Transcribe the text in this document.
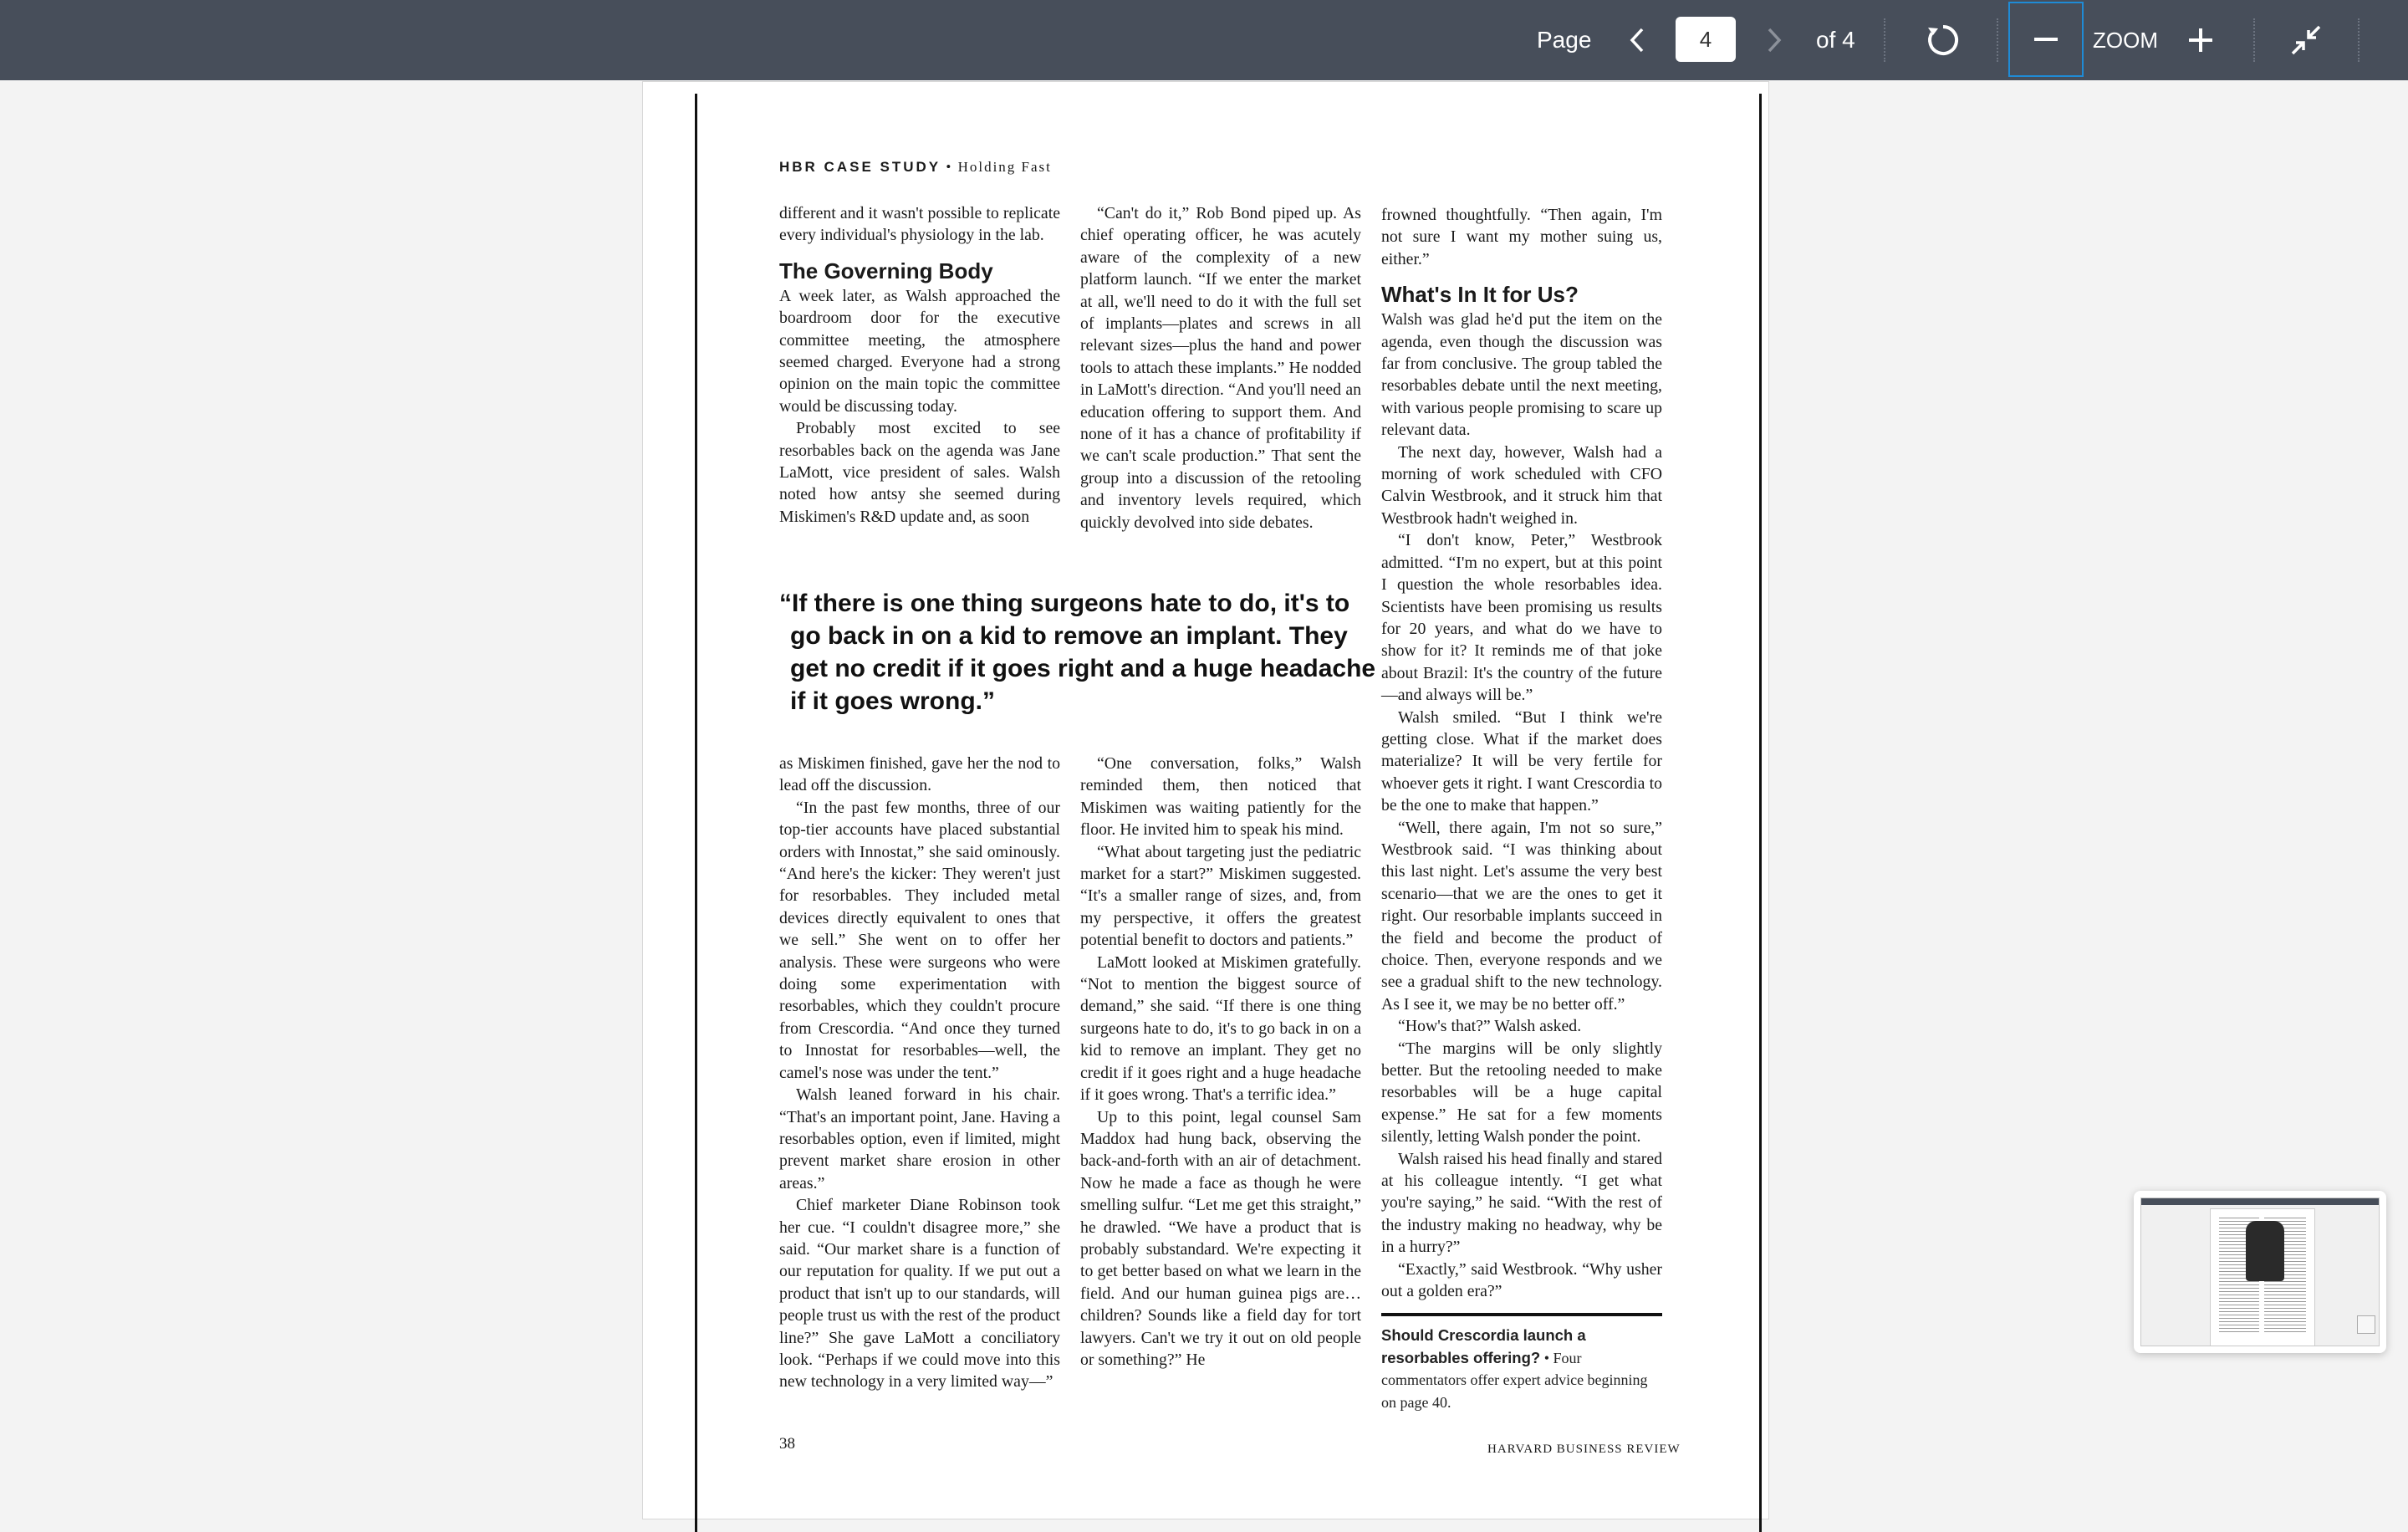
Page
4	of 4	ZOOM
HBR CASE STUDY • Holding Fast

different and it wasn't possible to replicate every individual's physiology in the lab.

The Governing Body

A week later, as Walsh approached the boardroom door for the executive committee meeting, the atmosphere seemed charged. Everyone had a strong opinion on the main topic the committee would be discussing today.

Probably most excited to see resorbables back on the agenda was Jane LaMott, vice president of sales. Walsh noted how antsy she seemed during Miskimen's R&D update and, as soon

“Can't do it,” Rob Bond piped up. As chief operating officer, he was acutely aware of the complexity of a new platform launch. “If we enter the market at all, we'll need to do it with the full set of implants—plates and screws in all relevant sizes—plus the hand and power tools to attach these implants.” He nodded in LaMott's direction. “And you'll need an education offering to support them. And none of it has a chance of profitability if we can't scale production.” That sent the group into a discussion of the retooling and inventory levels required, which quickly devolved into side debates.

frowned thoughtfully. “Then again, I'm not sure I want my mother suing us, either.”

What's In It for Us?

Walsh was glad he'd put the item on the agenda, even though the discussion was far from conclusive. The group tabled the resorbables debate until the next meeting, with various people promising to scare up relevant data.

The next day, however, Walsh had a morning of work scheduled with CFO Calvin Westbrook, and it struck him that Westbrook hadn't weighed in.

“I don't know, Peter,” Westbrook admitted. “I'm no expert, but at this point I question the whole resorbables idea. Scientists have been promising us results for 20 years, and what do we have to show for it? It reminds me of that joke about Brazil: It's the country of the future—and always will be.”

Walsh smiled. “But I think we're getting close. What if the market does materialize? It will be very fertile for whoever gets it right. I want Crescordia to be the one to make that happen.”

“Well, there again, I'm not so sure,” Westbrook said. “I was thinking about this last night. Let's assume the very best scenario—that we are the ones to get it right. Our resorbable implants succeed in the field and become the product of choice. Then, everyone responds and we see a gradual shift to the new technology. As I see it, we may be no better off.”

“How's that?” Walsh asked.

“The margins will be only slightly better. But the retooling needed to make resorbables will be a huge capital expense.” He sat for a few moments silently, letting Walsh ponder the point.

Walsh raised his head finally and stared at his colleague intently. “I get what you're saying,” he said. “With the rest of the industry making no headway, why be in a hurry?”

“Exactly,” said Westbrook. “Why usher out a golden era?”

“If there is one thing surgeons hate to do, it's to
go back in on a kid to remove an implant. They
get no credit if it goes right and a huge headache
if it goes wrong.”

as Miskimen finished, gave her the nod to lead off the discussion.

“In the past few months, three of our top-tier accounts have placed substantial orders with Innostat,” she said ominously. “And here's the kicker: They weren't just for resorbables. They included metal devices directly equivalent to ones that we sell.” She went on to offer her analysis. These were surgeons who were doing some experimentation with resorbables, which they couldn't procure from Crescordia. “And once they turned to Innostat for resorbables—well, the camel's nose was under the tent.”

Walsh leaned forward in his chair. “That's an important point, Jane. Having a resorbables option, even if limited, might prevent market share erosion in other areas.”

Chief marketer Diane Robinson took her cue. “I couldn't disagree more,” she said. “Our market share is a function of our reputation for quality. If we put out a product that isn't up to our standards, will people trust us with the rest of the product line?” She gave LaMott a conciliatory look. “Perhaps if we could move into this new technology in a very limited way—”

“One conversation, folks,” Walsh reminded them, then noticed that Miskimen was waiting patiently for the floor. He invited him to speak his mind.

“What about targeting just the pediatric market for a start?” Miskimen suggested. “It's a smaller range of sizes, and, from my perspective, it offers the greatest potential benefit to doctors and patients.”

LaMott looked at Miskimen gratefully. “Not to mention the biggest source of demand,” she said. “If there is one thing surgeons hate to do, it's to go back in on a kid to remove an implant. They get no credit if it goes right and a huge headache if it goes wrong. That's a terrific idea.”

Up to this point, legal counsel Sam Maddox had hung back, observing the back-and-forth with an air of detachment. Now he made a face as though he were smelling sulfur. “Let me get this straight,” he drawled. “We have a product that is probably substandard. We're expecting it to get better based on what we learn in the field. And our human guinea pigs are…children? Sounds like a field day for tort lawyers. Can't we try it out on old people or something?” He

Should Crescordia launch a resorbables offering? • Four commentators offer expert advice beginning on page 40.
38	HARVARD BUSINESS REVIEW
